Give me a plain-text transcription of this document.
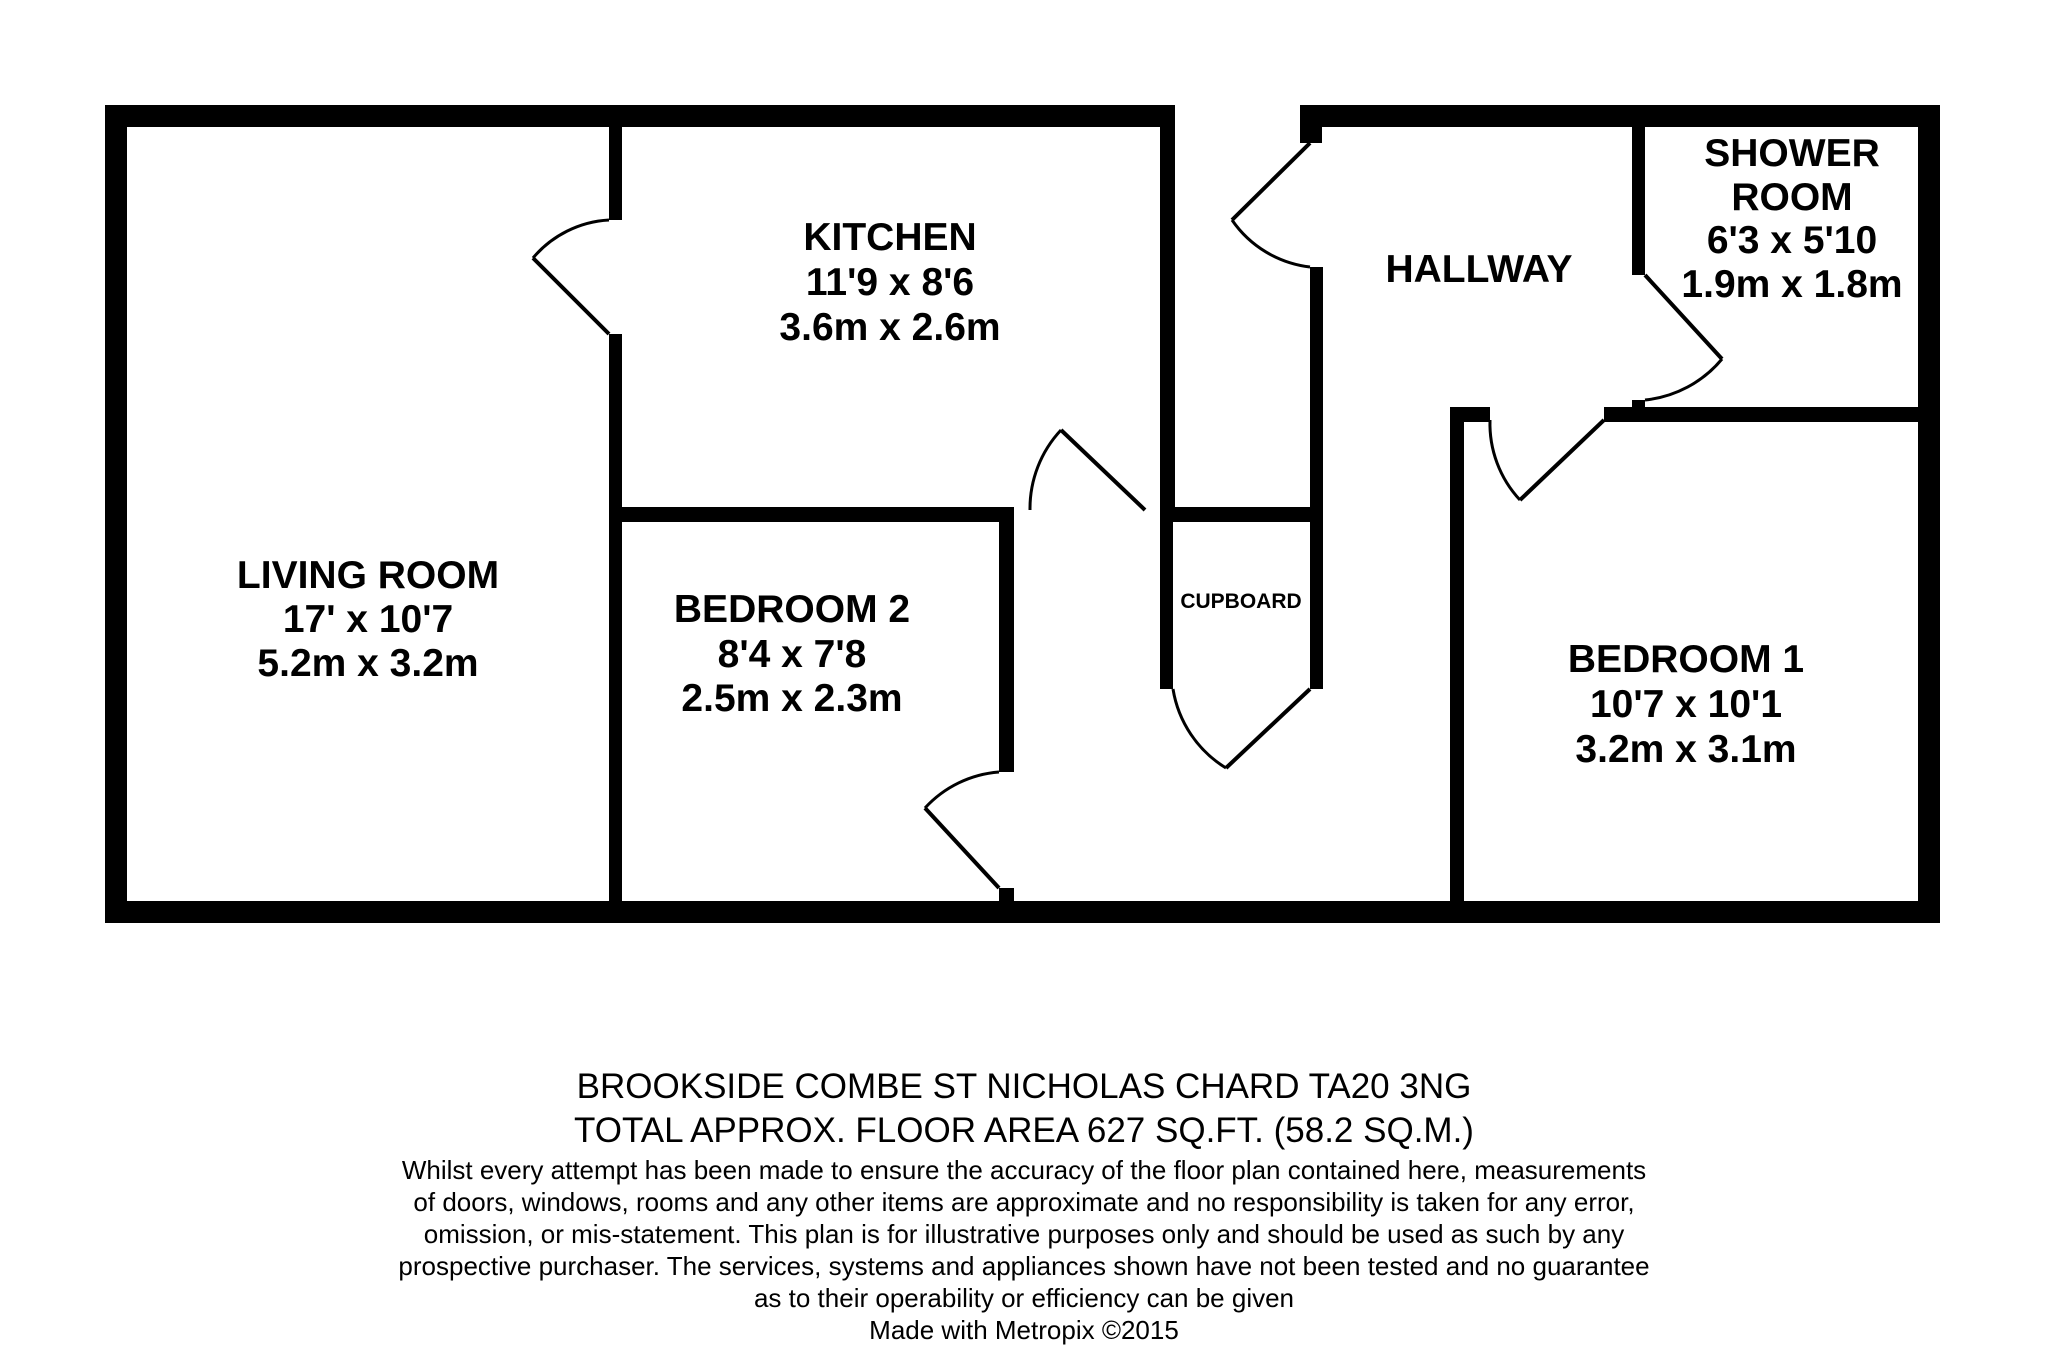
LIVING ROOM
17' x 10'7
5.2m x 3.2m
KITCHEN
11'9 x 8'6
3.6m x 2.6m
BEDROOM 2
8'4 x 7'8
2.5m x 2.3m
CUPBOARD
HALLWAY
SHOWER
ROOM
6'3 x 5'10
1.9m x 1.8m
BEDROOM 1
10'7 x 10'1
3.2m x 3.1m
BROOKSIDE COMBE ST NICHOLAS CHARD TA20 3NG
TOTAL APPROX. FLOOR AREA 627 SQ.FT. (58.2 SQ.M.)
Whilst every attempt has been made to ensure the accuracy of the floor plan contained here, measurements
of doors, windows, rooms and any other items are approximate and no responsibility is taken for any error,
omission, or mis-statement. This plan is for illustrative purposes only and should be used as such by any
prospective purchaser. The services, systems and appliances shown have not been tested and no guarantee
as to their operability or efficiency can be given
Made with Metropix ©2015
